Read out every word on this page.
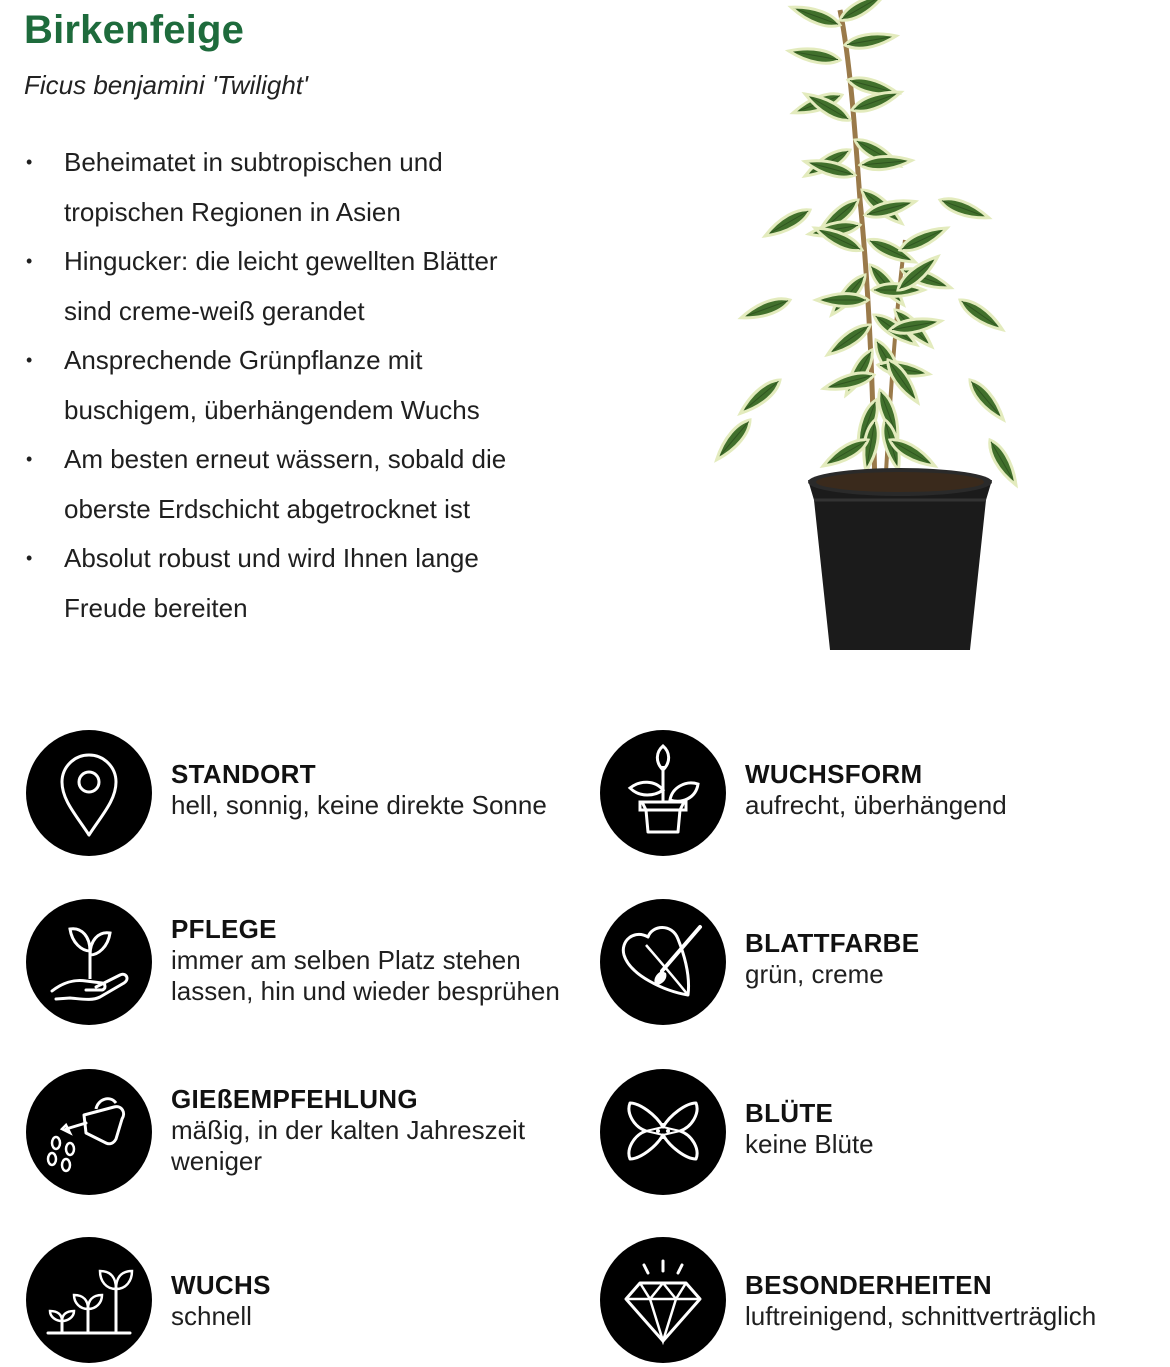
Birkenfeige
Ficus benjamini 'Twilight'
• Beheimatet in subtropischen und
tropischen Regionen in Asien
• Hingucker: die leicht gewellten Blätter
sind creme-weiß gerandet
• Ansprechende Grünpflanze mit
buschigem, überhängendem Wuchs
• Am besten erneut wässern, sobald die
oberste Erdschicht abgetrocknet ist
• Absolut robust und wird Ihnen lange
Freude bereiten
STANDORT
hell, sonnig, keine direkte Sonne
WUCHSFORM
aufrecht, überhängend
PFLEGE
immer am selben Platz stehen
lassen, hin und wieder besprühen
BLATTFARBE
grün, creme
GIEßEMPFEHLUNG
mäßig, in der kalten Jahreszeit
weniger
BLÜTE
keine Blüte
WUCHS
schnell
BESONDERHEITEN
luftreinigend, schnittverträglich
